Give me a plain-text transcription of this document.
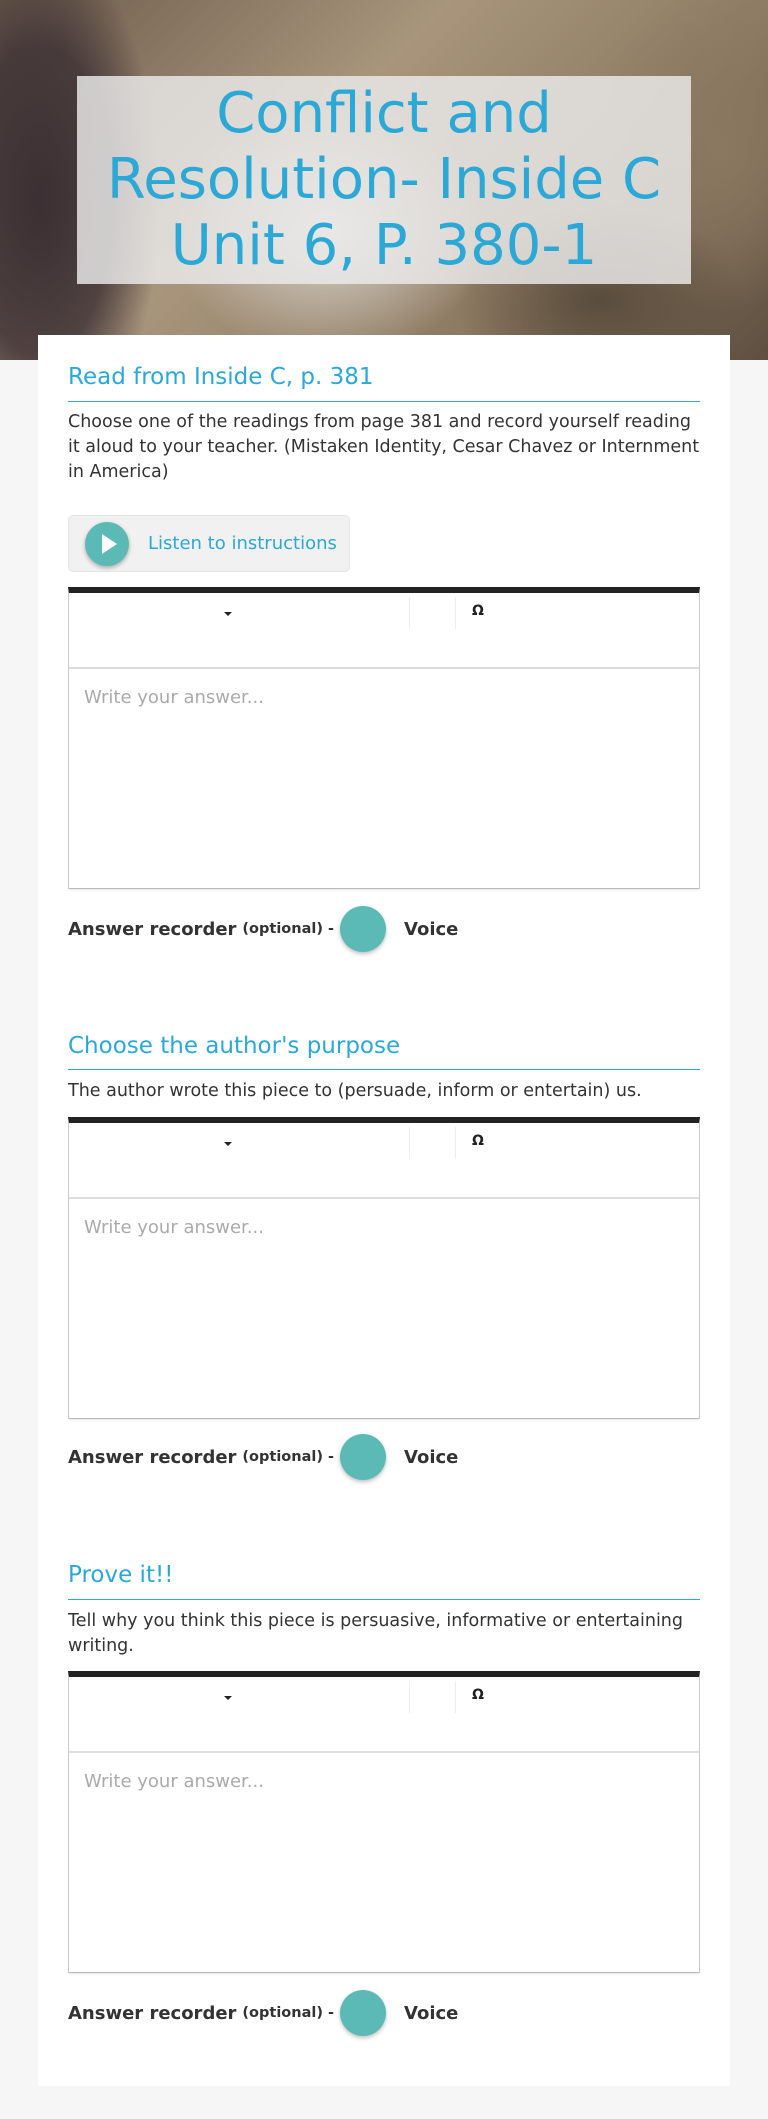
Conflict and Resolution- Inside C Unit 6, P. 380-1
Read from Inside C, p. 381
Choose one of the readings from page 381 and record yourself reading it aloud to your teacher. (Mistaken Identity, Cesar Chavez or Internment in America)
Listen to instructions
Ω
Write your answer...
Answer recorder (optional) -	Voice
Choose the author's purpose
The author wrote this piece to (persuade, inform or entertain) us.
Ω
Write your answer...
Answer recorder (optional) -	Voice
Prove it!!
Tell why you think this piece is persuasive, informative or entertaining writing.
Ω
Write your answer...
Answer recorder (optional) -	Voice
